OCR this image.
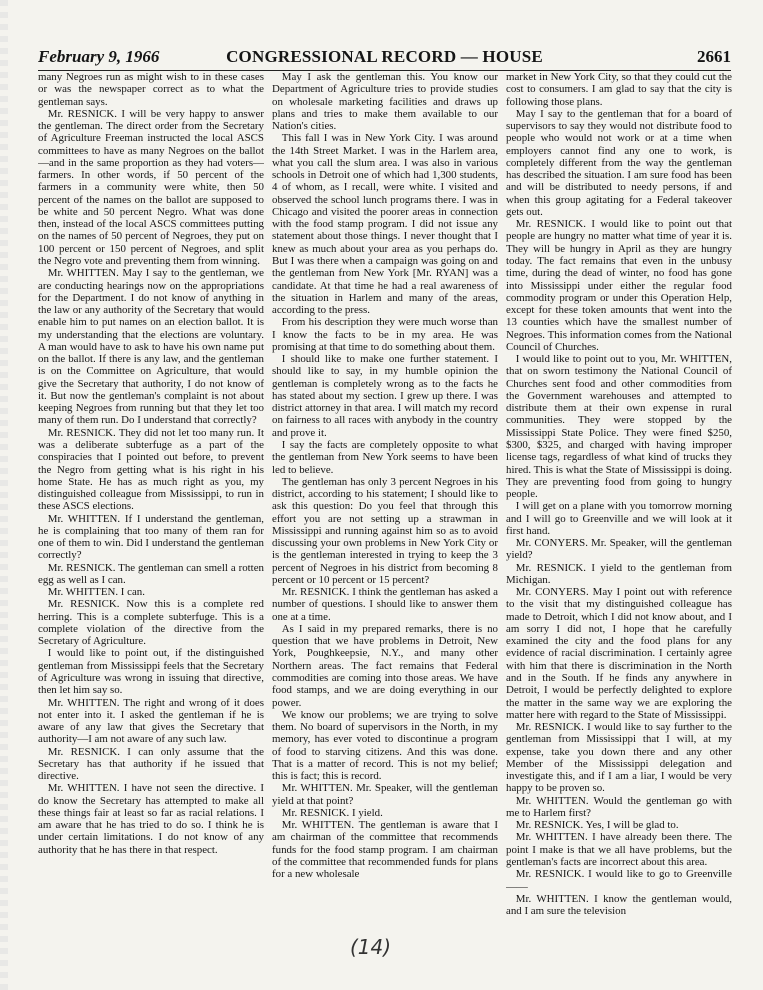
February 9, 1966	CONGRESSIONAL RECORD — HOUSE	2661

many Negroes run as might wish to in these cases or was the newspaper correct as to what the gentleman says.

Mr. RESNICK. I will be very happy to answer the gentleman. The direct order from the Secretary of Agriculture Freeman instructed the local ASCS committees to have as many Negroes on the ballot—and in the same proportion as they had voters—farmers. In other words, if 50 percent of the farmers in a community were white, then 50 percent of the names on the ballot are supposed to be white and 50 percent Negro. What was done then, instead of the local ASCS committees putting on the names of 50 percent of Negroes, they put on 100 percent or 150 percent of Negroes, and split the Negro vote and preventing them from winning.

Mr. WHITTEN. May I say to the gentleman, we are conducting hearings now on the appropriations for the Department. I do not know of anything in the law or any authority of the Secretary that would enable him to put names on an election ballot. It is my understanding that the elections are voluntary. A man would have to ask to have his own name put on the ballot. If there is any law, and the gentleman is on the Committee on Agriculture, that would give the Secretary that authority, I do not know of it. But now the gentleman's complaint is not about keeping Negroes from running but that they let too many of them run. Do I understand that correctly?

Mr. RESNICK. They did not let too many run. It was a deliberate subterfuge as a part of the conspiracies that I pointed out before, to prevent the Negro from getting what is his right in his home State. He has as much right as you, my distinguished colleague from Mississippi, to run in these ASCS elections.

Mr. WHITTEN. If I understand the gentleman, he is complaining that too many of them ran for one of them to win. Did I understand the gentleman correctly?

Mr. RESNICK. The gentleman can smell a rotten egg as well as I can.

Mr. WHITTEN. I can.

Mr. RESNICK. Now this is a complete red herring. This is a complete subterfuge. This is a complete violation of the directive from the Secretary of Agriculture.

I would like to point out, if the distinguished gentleman from Mississippi feels that the Secretary of Agriculture was wrong in issuing that directive, then let him say so.

Mr. WHITTEN. The right and wrong of it does not enter into it. I asked the gentleman if he is aware of any law that gives the Secretary that authority—I am not aware of any such law.

Mr. RESNICK. I can only assume that the Secretary has that authority if he issued that directive.

Mr. WHITTEN. I have not seen the directive. I do know the Secretary has attempted to make all these things fair at least so far as racial relations. I am aware that he has tried to do so. I think he is under certain limitations. I do not know of any authority that he has there in that respect.

May I ask the gentleman this. You know our Department of Agriculture tries to provide studies on wholesale marketing facilities and draws up plans and tries to make them available to our Nation's cities.

This fall I was in New York City. I was around the 14th Street Market. I was in the Harlem area, what you call the slum area. I was also in various schools in Detroit one of which had 1,300 students, 4 of whom, as I recall, were white. I visited and observed the school lunch programs there. I was in Chicago and visited the poorer areas in connection with the food stamp program. I did not issue any statement about those things. I never thought that I knew as much about your area as you perhaps do. But I was there when a campaign was going on and the gentleman from New York [Mr. RYAN] was a candidate. At that time he had a real awareness of the situation in Harlem and many of the areas, according to the press.

From his description they were much worse than I know the facts to be in my area. He was promising at that time to do something about them.

I should like to make one further statement. I should like to say, in my humble opinion the gentleman is completely wrong as to the facts he has stated about my section. I grew up there. I was district attorney in that area. I will match my record on fairness to all races with anybody in the country and prove it.

I say the facts are completely opposite to what the gentleman from New York seems to have been led to believe.

The gentleman has only 3 percent Negroes in his district, according to his statement; I should like to ask this question: Do you feel that through this effort you are not setting up a strawman in Mississippi and running against him so as to avoid discussing your own problems in New York City or is the gentleman interested in trying to keep the 3 percent of Negroes in his district from becoming 8 percent or 10 percent or 15 percent?

Mr. RESNICK. I think the gentleman has asked a number of questions. I should like to answer them one at a time.

As I said in my prepared remarks, there is no question that we have problems in Detroit, New York, Poughkeepsie, N.Y., and many other Northern areas. The fact remains that Federal commodities are coming into those areas. We have food stamps, and we are doing everything in our power.

We know our problems; we are trying to solve them. No board of supervisors in the North, in my memory, has ever voted to discontinue a program of food to starving citizens. And this was done. That is a matter of record. This is not my belief; this is fact; this is record.

Mr. WHITTEN. Mr. Speaker, will the gentleman yield at that point?

Mr. RESNICK. I yield.

Mr. WHITTEN. The gentleman is aware that I am chairman of the committee that recommends funds for the food stamp program. I am chairman of the committee that recommended funds for plans for a new wholesale

market in New York City, so that they could cut the cost to consumers. I am glad to say that the city is following those plans.

May I say to the gentleman that for a board of supervisors to say they would not distribute food to people who would not work or at a time when employers cannot find any one to work, is completely different from the way the gentleman has described the situation. I am sure food has been and will be distributed to needy persons, if and when this group agitating for a Federal takeover gets out.

Mr. RESNICK. I would like to point out that people are hungry no matter what time of year it is. They will be hungry in April as they are hungry today. The fact remains that even in the unbusy time, during the dead of winter, no food has gone into Mississippi under either the regular food commodity program or under this Operation Help, except for these token amounts that went into the 13 counties which have the smallest number of Negroes. This information comes from the National Council of Churches.

I would like to point out to you, Mr. WHITTEN, that on sworn testimony the National Council of Churches sent food and other commodities from the Government warehouses and attempted to distribute them at their own expense in rural communities. They were stopped by the Mississippi State Police. They were fined $250, $300, $325, and charged with having improper license tags, regardless of what kind of trucks they hired. This is what the State of Mississippi is doing. They are preventing food from going to hungry people.

I will get on a plane with you tomorrow morning and I will go to Greenville and we will look at it first hand.

Mr. CONYERS. Mr. Speaker, will the gentleman yield?

Mr. RESNICK. I yield to the gentleman from Michigan.

Mr. CONYERS. May I point out with reference to the visit that my distinguished colleague has made to Detroit, which I did not know about, and I am sorry I did not, I hope that he carefully examined the city and the food plans for any evidence of racial discrimination. I certainly agree with him that there is discrimination in the North and in the South. If he finds any anywhere in Detroit, I would be perfectly delighted to explore the matter in the same way we are exploring the matter here with regard to the State of Mississippi.

Mr. RESNICK. I would like to say further to the gentleman from Mississippi that I will, at my expense, take you down there and any other Member of the Mississippi delegation and investigate this, and if I am a liar, I would be very happy to be proven so.

Mr. WHITTEN. Would the gentleman go with me to Harlem first?

Mr. RESNICK. Yes, I will be glad to.

Mr. WHITTEN. I have already been there. The point I make is that we all have problems, but the gentleman's facts are incorrect about this area.

Mr. RESNICK. I would like to go to Greenville——

Mr. WHITTEN. I know the gentleman would, and I am sure the television

(14)
